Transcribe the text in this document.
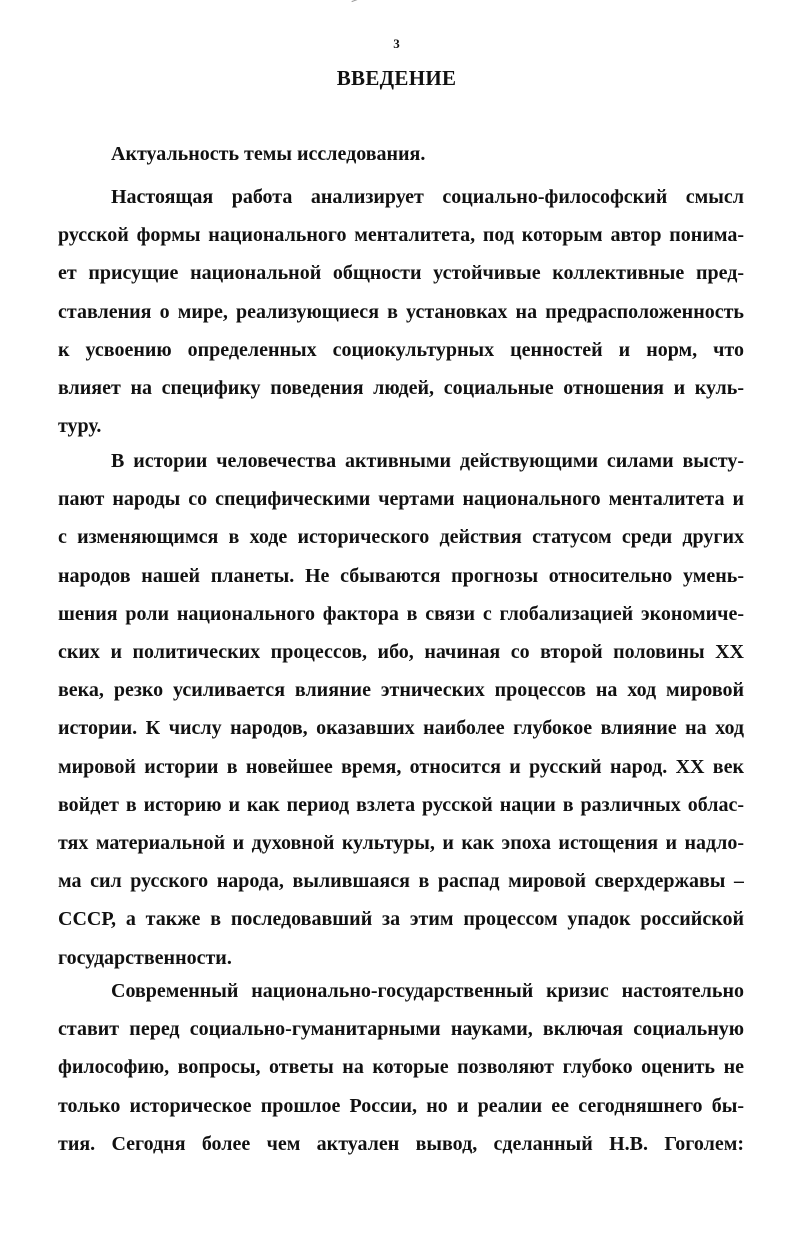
3
ВВЕДЕНИЕ
Актуальность темы исследования.
Настоящая работа анализирует социально-философский смысл
русской формы национального менталитета, под которым автор понима-
ет присущие национальной общности устойчивые коллективные пред-
ставления о мире, реализующиеся в установках на предрасположенность
к усвоению определенных социокультурных ценностей и норм, что
влияет на специфику поведения людей, социальные отношения и куль-
туру.
В истории человечества активными действующими силами высту-
пают народы со специфическими чертами национального менталитета и
с изменяющимся в ходе исторического действия статусом среди других
народов нашей планеты. Не сбываются прогнозы относительно умень-
шения роли национального фактора в связи с глобализацией экономиче-
ских и политических процессов, ибо, начиная со второй половины XX
века, резко усиливается влияние этнических процессов на ход мировой
истории. К числу народов, оказавших наиболее глубокое влияние на ход
мировой истории в новейшее время, относится и русский народ. XX век
войдет в историю и как период взлета русской нации в различных облас-
тях материальной и духовной культуры, и как эпоха истощения и надло-
ма сил русского народа, вылившаяся в распад мировой сверхдержавы –
СССР, а также в последовавший за этим процессом упадок российской
государственности.
Современный национально-государственный кризис настоятельно
ставит перед социально-гуманитарными науками, включая социальную
философию, вопросы, ответы на которые позволяют глубоко оценить не
только историческое прошлое России, но и реалии ее сегодняшнего бы-
тия. Сегодня более чем актуален вывод, сделанный Н.В. Гоголем:
